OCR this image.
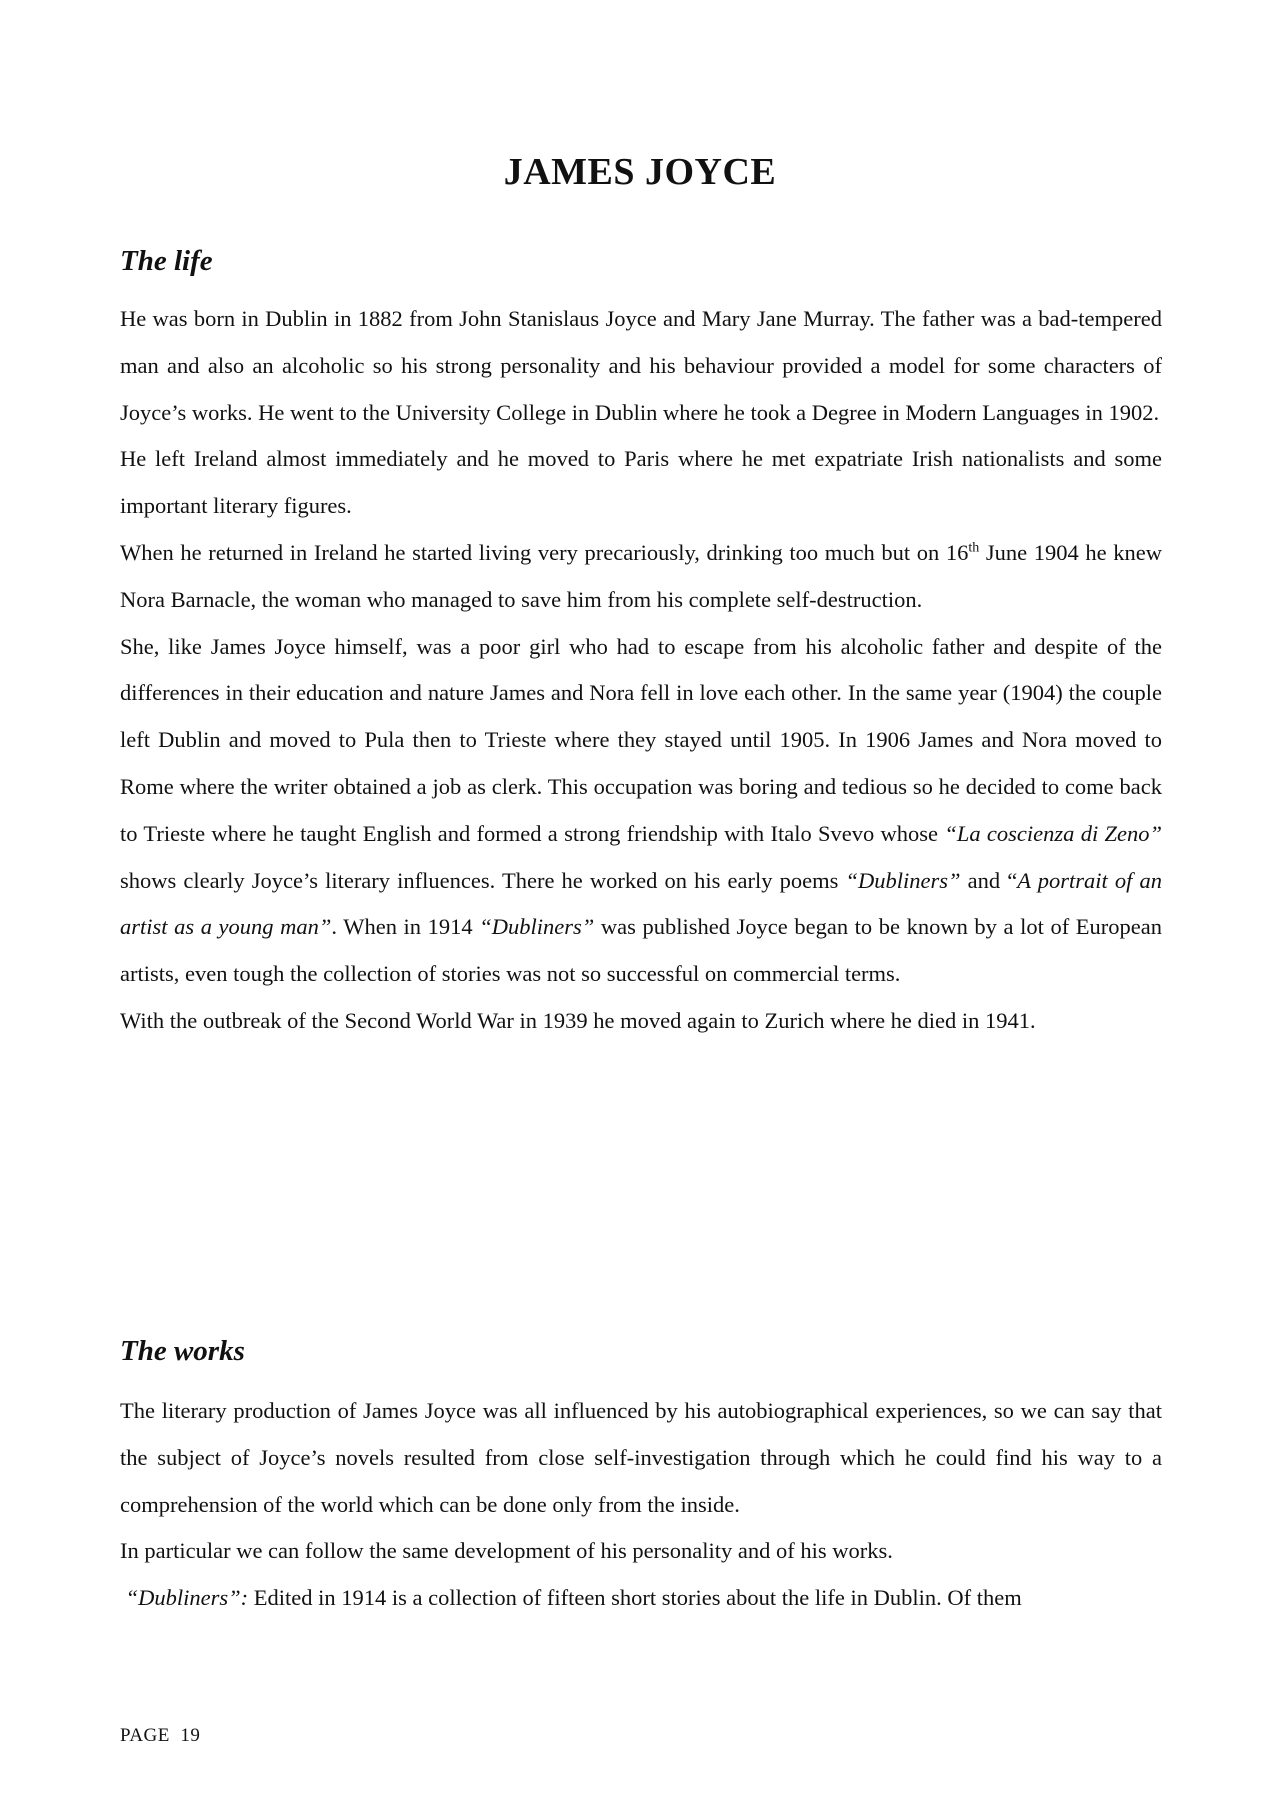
JAMES JOYCE
The life

He was born in Dublin in 1882 from John Stanislaus Joyce and Mary Jane Murray. The father was a bad-tempered man and also an alcoholic so his strong personality and his behaviour provided a model for some characters of Joyce’s works. He went to the University College in Dublin where he took a Degree in Modern Languages in 1902.

He left Ireland almost immediately and he moved to Paris where he met expatriate Irish nationalists and some important literary figures.

When he returned in Ireland he started living very precariously, drinking too much but on 16th June 1904 he knew Nora Barnacle, the woman who managed to save him from his complete self-destruction.

She, like James Joyce himself, was a poor girl who had to escape from his alcoholic father and despite of the differences in their education and nature James and Nora fell in love each other. In the same year (1904) the couple left Dublin and moved to Pula then to Trieste where they stayed until 1905. In 1906 James and Nora moved to Rome where the writer obtained a job as clerk. This occupation was boring and tedious so he decided to come back to Trieste where he taught English and formed a strong friendship with Italo Svevo whose “La coscienza di Zeno” shows clearly Joyce’s literary influences. There he worked on his early poems “Dubliners” and “A portrait of an artist as a young man”. When in 1914 “Dubliners” was published Joyce began to be known by a lot of European artists, even tough the collection of stories was not so successful on commercial terms.

With the outbreak of the Second World War in 1939 he moved again to Zurich where he died in 1941.

The works

The literary production of James Joyce was all influenced by his autobiographical experiences, so we can say that the subject of Joyce’s novels resulted from close self-investigation through which he could find his way to a comprehension of the world which can be done only from the inside.

In particular we can follow the same development of his personality and of his works.

“Dubliners”: Edited in 1914 is a collection of fifteen short stories about the life in Dublin. Of them

PAGE  19
